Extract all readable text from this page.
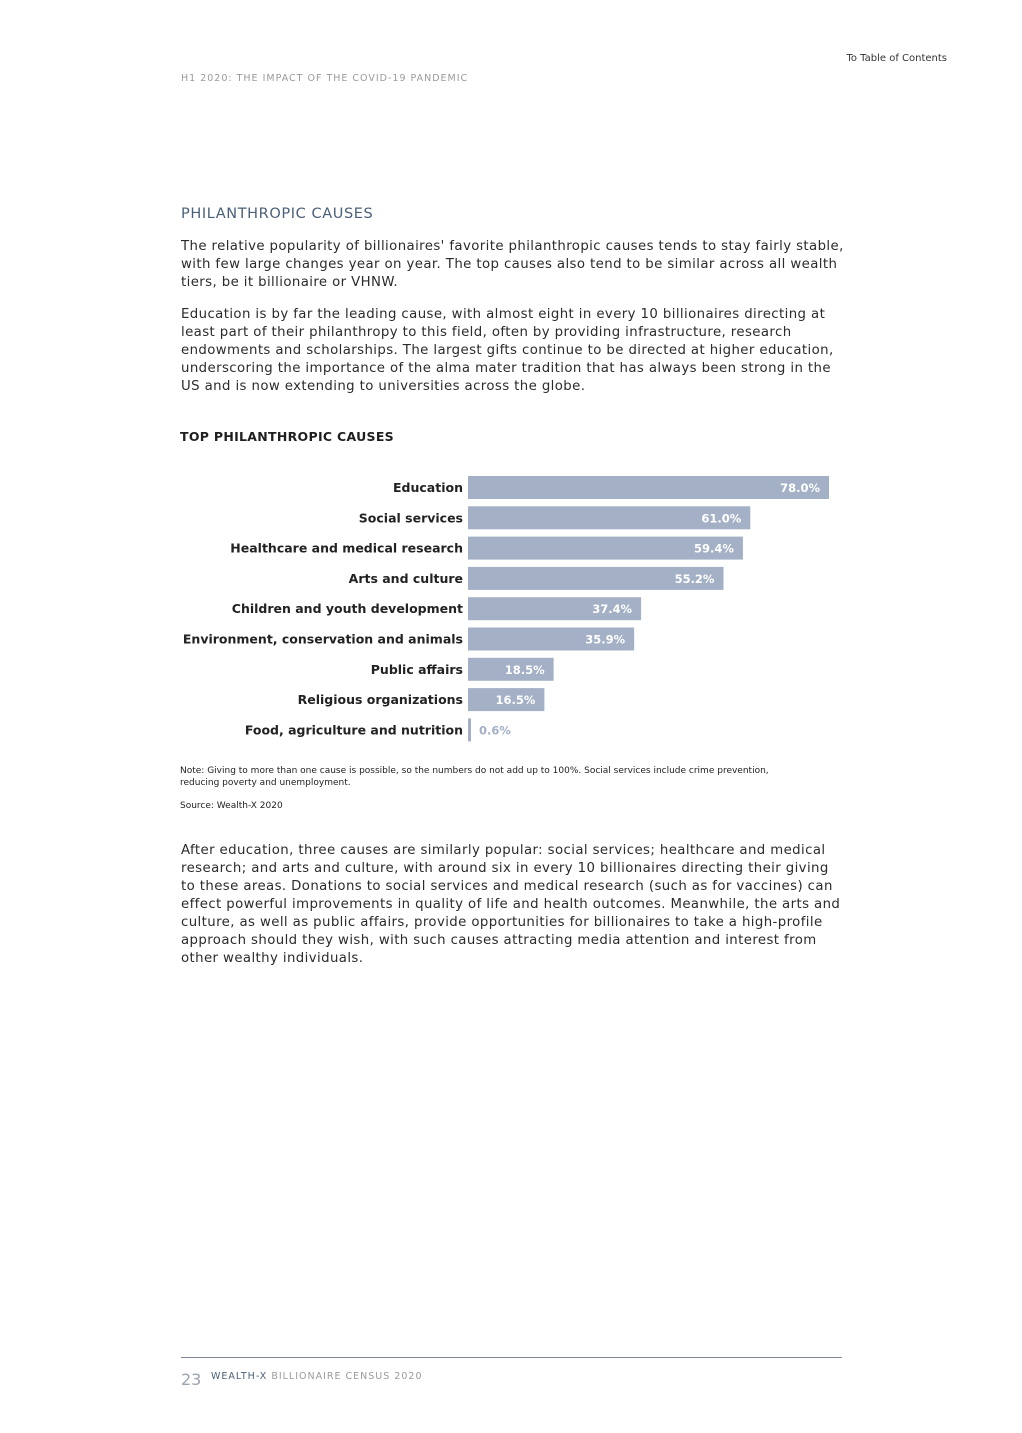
To Table of Contents
H1 2020: THE IMPACT OF THE COVID-19 PANDEMIC
PHILANTHROPIC CAUSES

The relative popularity of billionaires' favorite philanthropic causes tends to stay fairly stable, with few large changes year on year. The top causes also tend to be similar across all wealth tiers, be it billionaire or VHNW.

Education is by far the leading cause, with almost eight in every 10 billionaires directing at least part of their philanthropy to this field, often by providing infrastructure, research endowments and scholarships. The largest gifts continue to be directed at higher education, underscoring the importance of the alma mater tradition that has always been strong in the US and is now extending to universities across the globe.

TOP PHILANTHROPIC CAUSES
Education	78.0%
Social services	61.0%
Healthcare and medical research	59.4%
Arts and culture	55.2%
Children and youth development	37.4%
Environment, conservation and animals	35.9%
Public affairs	18.5%
Religious organizations	16.5%
Food, agriculture and nutrition 0.6%

Note: Giving to more than one cause is possible, so the numbers do not add up to 100%. Social services include crime prevention, reducing poverty and unemployment.

Source: Wealth-X 2020

After education, three causes are similarly popular: social services; healthcare and medical research; and arts and culture, with around six in every 10 billionaires directing their giving to these areas. Donations to social services and medical research (such as for vaccines) can effect powerful improvements in quality of life and health outcomes. Meanwhile, the arts and culture, as well as public affairs, provide opportunities for billionaires to take a high-profile approach should they wish, with such causes attracting media attention and interest from other wealthy individuals.

23 WEALTH-X BILLIONAIRE CENSUS 2020
